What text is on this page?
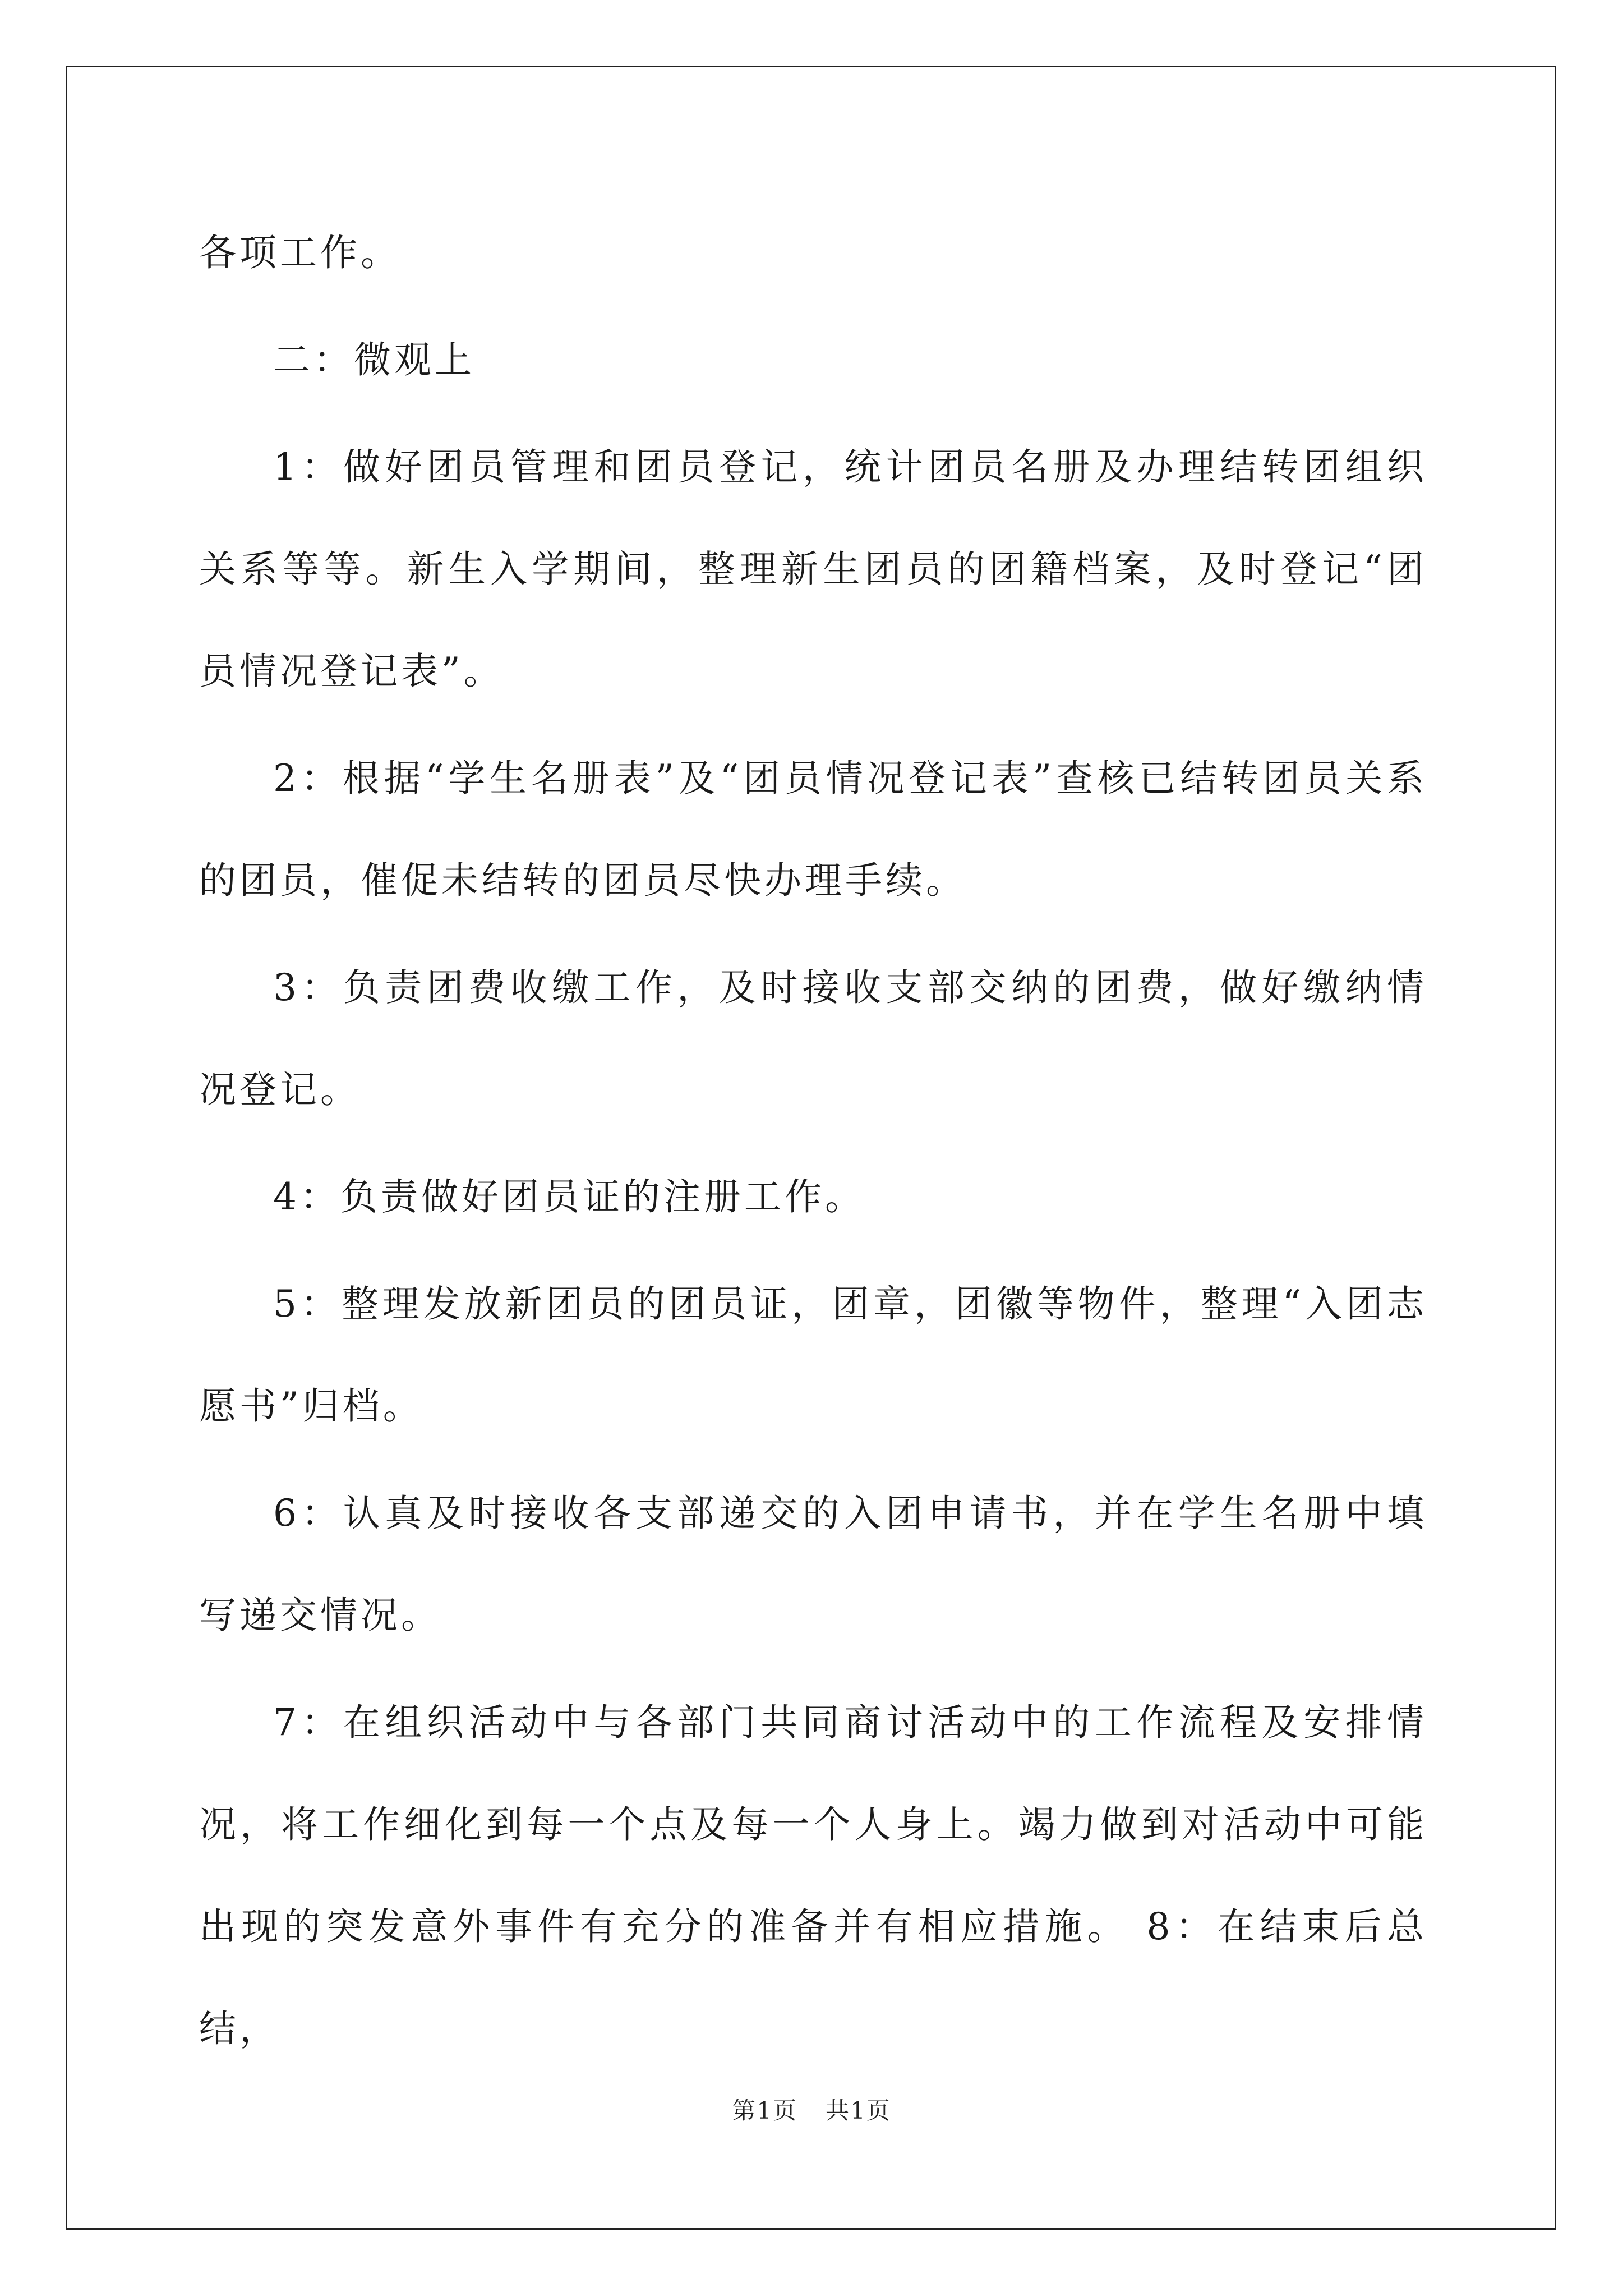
各项工作。

二：微观上

1：做好团员管理和团员登记，统计团员名册及办理结转团组织关系等等。新生入学期间，整理新生团员的团籍档案，及时登记“团员情况登记表”。

2：根据“学生名册表”及“团员情况登记表”查核已结转团员关系的团员，催促未结转的团员尽快办理手续。

3：负责团费收缴工作，及时接收支部交纳的团费，做好缴纳情况登记。

4：负责做好团员证的注册工作。

5：整理发放新团员的团员证，团章，团徽等物件，整理“入团志愿书”归档。

6：认真及时接收各支部递交的入团申请书，并在学生名册中填写递交情况。

7：在组织活动中与各部门共同商讨活动中的工作流程及安排情况，将工作细化到每一个点及每一个人身上。竭力做到对活动中可能出现的突发意外事件有充分的准备并有相应措施。 8：在结束后总结，

第1页 共1页
